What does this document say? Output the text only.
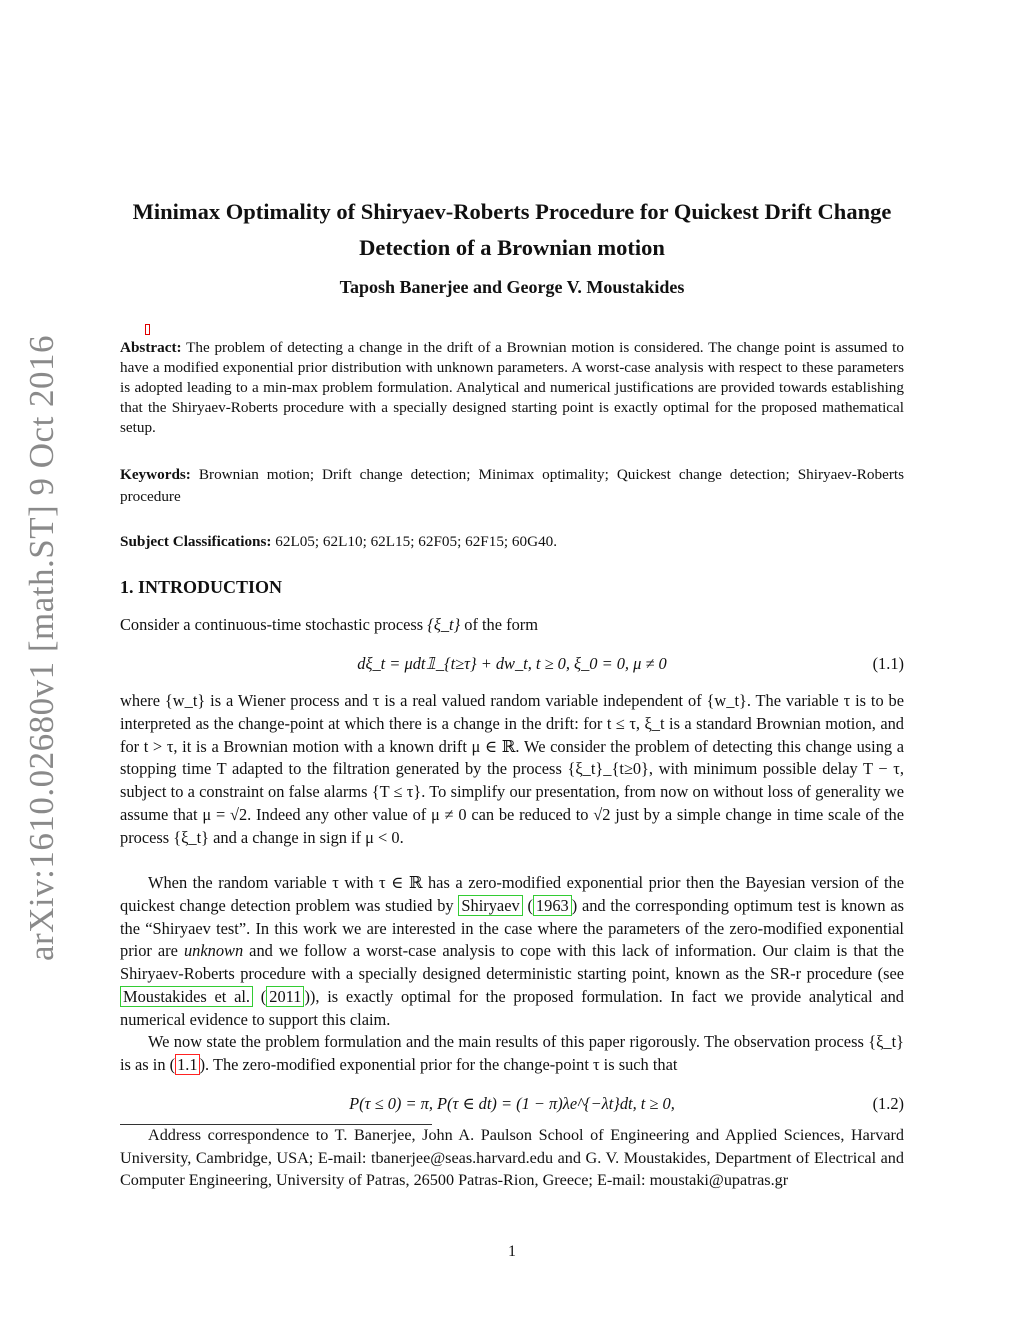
arXiv:1610.02680v1 [math.ST] 9 Oct 2016
Minimax Optimality of Shiryaev-Roberts Procedure for Quickest Drift Change Detection of a Brownian motion

Taposh Banerjee and George V. Moustakides

Abstract: The problem of detecting a change in the drift of a Brownian motion is considered. The change point is assumed to have a modified exponential prior distribution with unknown parameters. A worst-case analysis with respect to these parameters is adopted leading to a min-max problem formulation. Analytical and numerical justifications are provided towards establishing that the Shiryaev-Roberts procedure with a specially designed starting point is exactly optimal for the proposed mathematical setup.

Keywords: Brownian motion; Drift change detection; Minimax optimality; Quickest change detection; Shiryaev-Roberts procedure

Subject Classifications: 62L05; 62L10; 62L15; 62F05; 62F15; 60G40.

1. INTRODUCTION

Consider a continuous-time stochastic process {ξ_t} of the form

dξ_t = μdt𝟙_{t≥τ} + dw_t, t ≥ 0, ξ_0 = 0, μ ≠ 0	(1.1)

where {w_t} is a Wiener process and τ is a real valued random variable independent of {w_t}. The variable τ is to be interpreted as the change-point at which there is a change in the drift: for t ≤ τ, ξ_t is a standard Brownian motion, and for t > τ, it is a Brownian motion with a known drift μ ∈ ℝ. We consider the problem of detecting this change using a stopping time T adapted to the filtration generated by the process {ξ_t}_{t≥0}, with minimum possible delay T − τ, subject to a constraint on false alarms {T ≤ τ}. To simplify our presentation, from now on without loss of generality we assume that μ = √2. Indeed any other value of μ ≠ 0 can be reduced to √2 just by a simple change in time scale of the process {ξ_t} and a change in sign if μ < 0.

When the random variable τ with τ ∈ ℝ has a zero-modified exponential prior then the Bayesian version of the quickest change detection problem was studied by Shiryaev ( 1963 ) and the corresponding optimum test is known as the “Shiryaev test”. In this work we are interested in the case where the parameters of the zero-modified exponential prior are unknown and we follow a worst-case analysis to cope with this lack of information. Our claim is that the Shiryaev-Roberts procedure with a specially designed deterministic starting point, known as the SR-r procedure (see Moustakides et al. ( 2011 )), is exactly optimal for the proposed formulation. In fact we provide analytical and numerical evidence to support this claim.

We now state the problem formulation and the main results of this paper rigorously. The observation process {ξ_t} is as in ( 1.1 ). The zero-modified exponential prior for the change-point τ is such that

P(τ ≤ 0) = π, P(τ ∈ dt) = (1 − π)λe^{−λt}dt, t ≥ 0,	(1.2)

Address correspondence to T. Banerjee, John A. Paulson School of Engineering and Applied Sciences, Harvard University, Cambridge, USA; E-mail: tbanerjee@seas.harvard.edu and G. V. Moustakides, Department of Electrical and Computer Engineering, University of Patras, 26500 Patras-Rion, Greece; E-mail: moustaki@upatras.gr

1
